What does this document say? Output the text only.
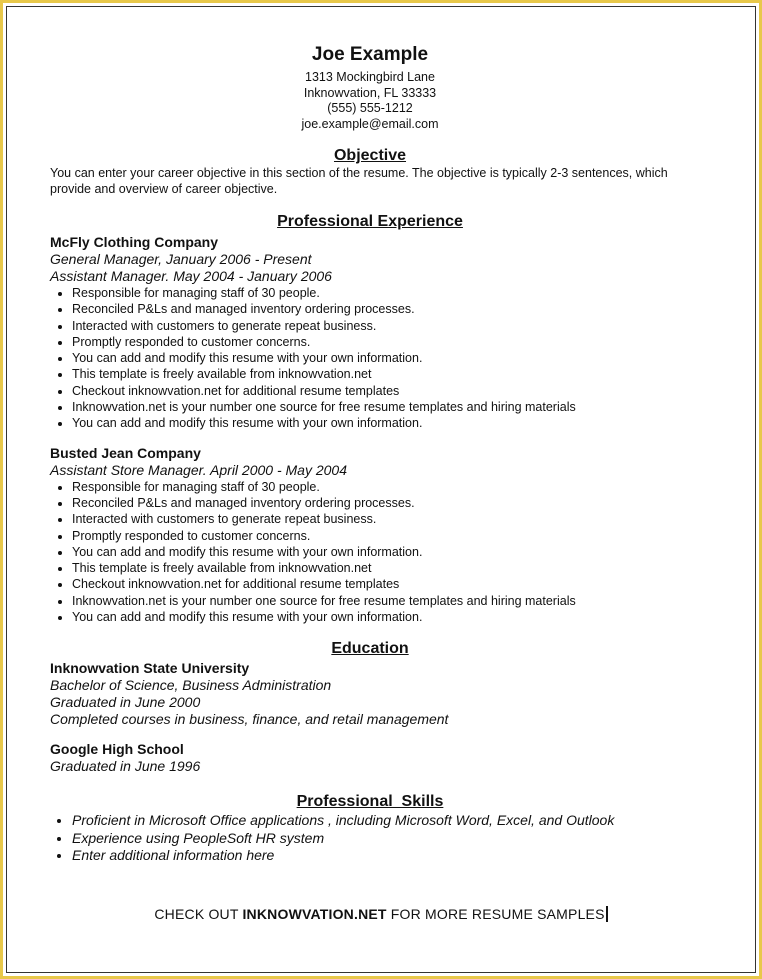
Joe Example
1313 Mockingbird Lane
Inknowvation, FL 33333
(555) 555-1212
joe.example@email.com
Objective
You can enter your career objective in this section of the resume. The objective is typically 2-3 sentences, which provide and overview of career objective.
Professional Experience
McFly Clothing Company
General Manager, January 2006 - Present
Assistant Manager. May 2004 - January 2006
• Responsible for managing staff of 30 people.
• Reconciled P&Ls and managed inventory ordering processes.
• Interacted with customers to generate repeat business.
• Promptly responded to customer concerns.
• You can add and modify this resume with your own information.
• This template is freely available from inknowvation.net
• Checkout inknowvation.net for additional resume templates
• Inknowvation.net is your number one source for free resume templates and hiring materials
• You can add and modify this resume with your own information.
Busted Jean Company
Assistant Store Manager. April 2000 - May 2004
• Responsible for managing staff of 30 people.
• Reconciled P&Ls and managed inventory ordering processes.
• Interacted with customers to generate repeat business.
• Promptly responded to customer concerns.
• You can add and modify this resume with your own information.
• This template is freely available from inknowvation.net
• Checkout inknowvation.net for additional resume templates
• Inknowvation.net is your number one source for free resume templates and hiring materials
• You can add and modify this resume with your own information.
Education
Inknowvation State University
Bachelor of Science, Business Administration
Graduated in June 2000
Completed courses in business, finance, and retail management
Google High School
Graduated in June 1996
Professional  Skills
• Proficient in Microsoft Office applications , including Microsoft Word, Excel, and Outlook
• Experience using PeopleSoft HR system
• Enter additional information here
CHECK OUT INKNOWVATION.NET FOR MORE RESUME SAMPLES
